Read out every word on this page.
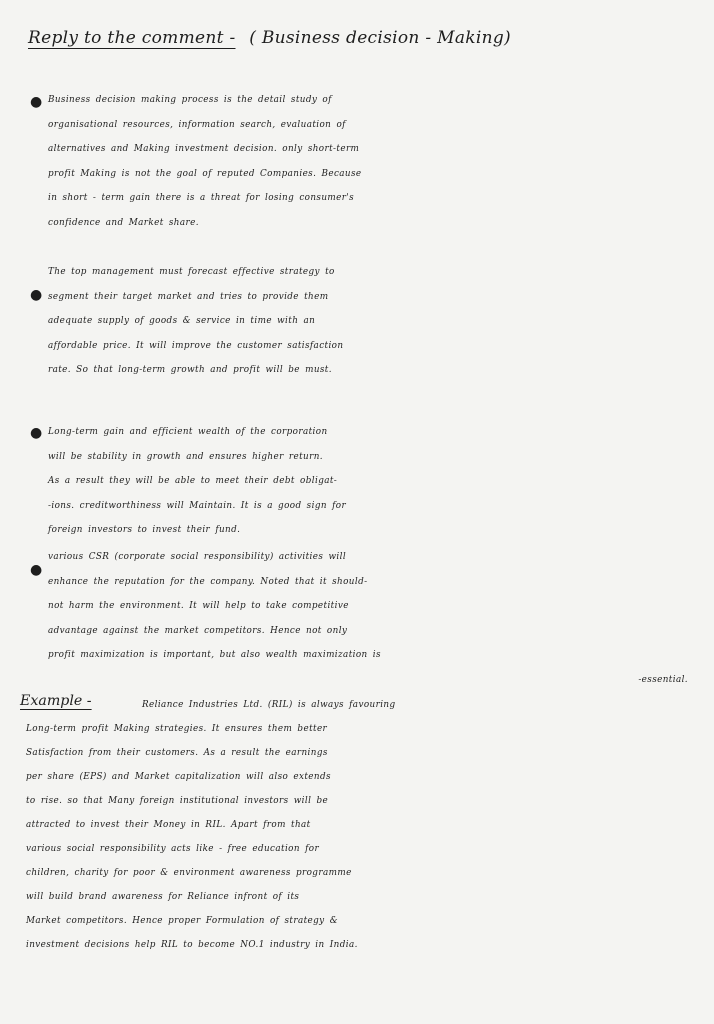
Reply to the comment - ( Business decision - Making)
● Business decision making process is the detail study of
organisational resources, information search, evaluation of
alternatives and Making investment decision. only short-term
profit Making is not the goal of reputed Companies. Because
in short - term gain there is a threat for losing consumer's
confidence and Market share.
●
The top management must forecast effective strategy to
segment their target market and tries to provide them
adequate supply of goods & service in time with an
affordable price. It will improve the customer satisfaction
rate. So that long-term growth and profit will be must.
● Long-term gain and efficient wealth of the corporation
will be stability in growth and ensures higher return.
As a result they will be able to meet their debt obligat-
-ions. creditworthiness will Maintain. It is a good sign for
foreign investors to invest their fund.
●
various CSR (corporate social responsibility) activities will
enhance the reputation for the company. Noted that it should-
not harm the environment. It will help to take competitive
advantage against the market competitors. Hence not only
profit maximization is important, but also wealth maximization is
-essential.
Example -	Reliance Industries Ltd. (RIL) is always favouring
Long-term profit Making strategies. It ensures them better
Satisfaction from their customers. As a result the earnings
per share (EPS) and Market capitalization will also extends
to rise. so that Many foreign institutional investors will be
attracted to invest their Money in RIL. Apart from that
various social responsibility acts like - free education for
children, charity for poor & environment awareness programme
will build brand awareness for Reliance infront of its
Market competitors. Hence proper Formulation of strategy &
investment decisions help RIL to become NO.1 industry in India.
